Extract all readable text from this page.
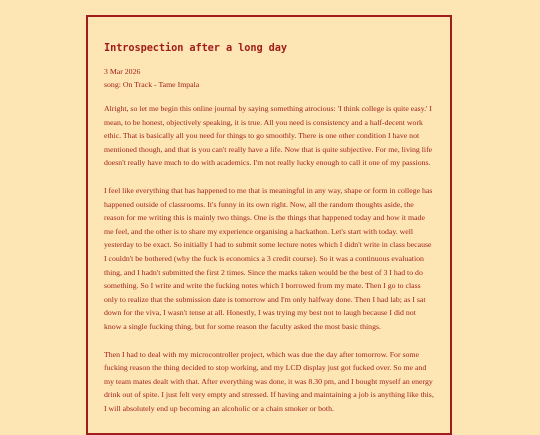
Introspection after a long day
3 Mar 2026
song: On Track - Tame Impala

Alright, so let me begin this online journal by saying something atrocious: 'I think college is quite easy.' I mean, to be honest, objectively speaking, it is true. All you need is consistency and a half-decent work ethic. That is basically all you need for things to go smoothly. There is one other condition I have not mentioned though, and that is you can't really have a life. Now that is quite subjective. For me, living life doesn't really have much to do with academics. I'm not really lucky enough to call it one of my passions.

I feel like everything that has happened to me that is meaningful in any way, shape or form in college has happened outside of classrooms. It's funny in its own right. Now, all the random thoughts aside, the reason for me writing this is mainly two things. One is the things that happened today and how it made me feel, and the other is to share my experience organising a hackathon. Let's start with today. well yesterday to be exact. So initially I had to submit some lecture notes which I didn't write in class because I couldn't be bothered (why the fuck is economics a 3 credit course). So it was a continuous evaluation thing, and I hadn't submitted the first 2 times. Since the marks taken would be the best of 3 I had to do something. So I write and write the fucking notes which I borrowed from my mate. Then I go to class only to realize that the submission date is tomorrow and I'm only halfway done. Then I had lab; as I sat down for the viva, I wasn't tense at all. Honestly, I was trying my best not to laugh because I did not know a single fucking thing, but for some reason the faculty asked the most basic things.

Then I had to deal with my microcontroller project, which was due the day after tomorrow. For some fucking reason the thing decided to stop working, and my LCD display just got fucked over. So me and my team mates dealt with that. After everything was done, it was 8.30 pm, and I bought myself an energy drink out of spite. I just felt very empty and stressed. If having and maintaining a job is anything like this, I will absolutely end up becoming an alcoholic or a chain smoker or both.
